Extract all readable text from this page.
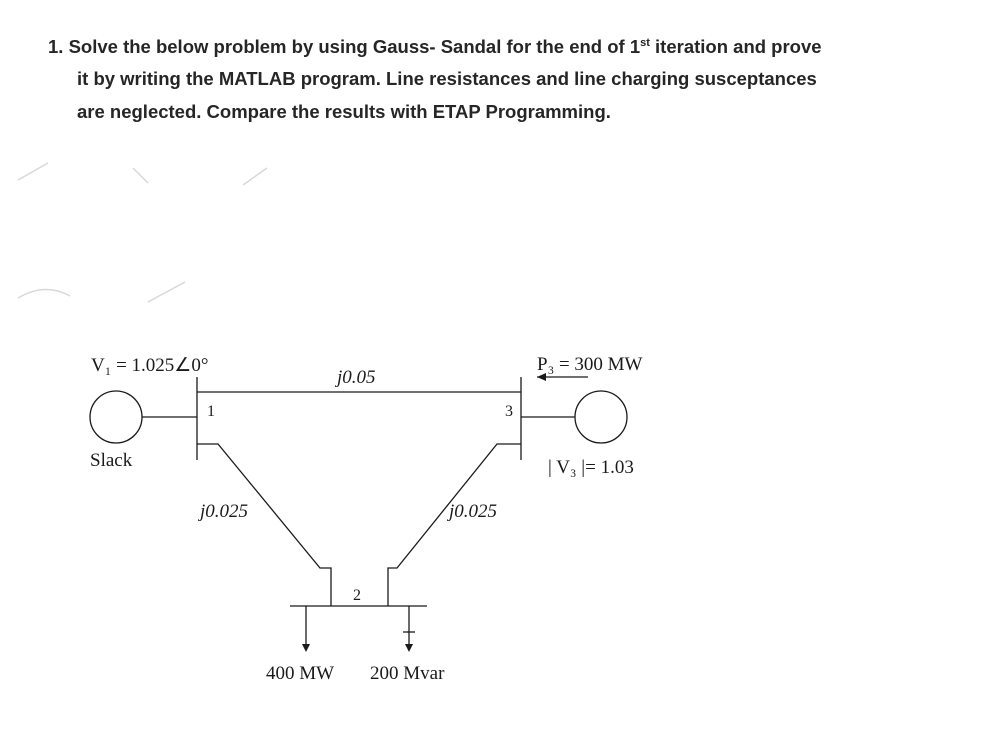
1. Solve the below problem by using Gauss- Sandal for the end of 1st iteration and prove
it by writing the MATLAB program. Line resistances and line charging susceptances
are neglected. Compare the results with ETAP Programming.
V₁ = 1.025∠0°
Slack
1
j0.05
3
P₃ = 300 MW
| V₃ |= 1.03
j0.025	j0.025
2
400 MW 200 Mvar
